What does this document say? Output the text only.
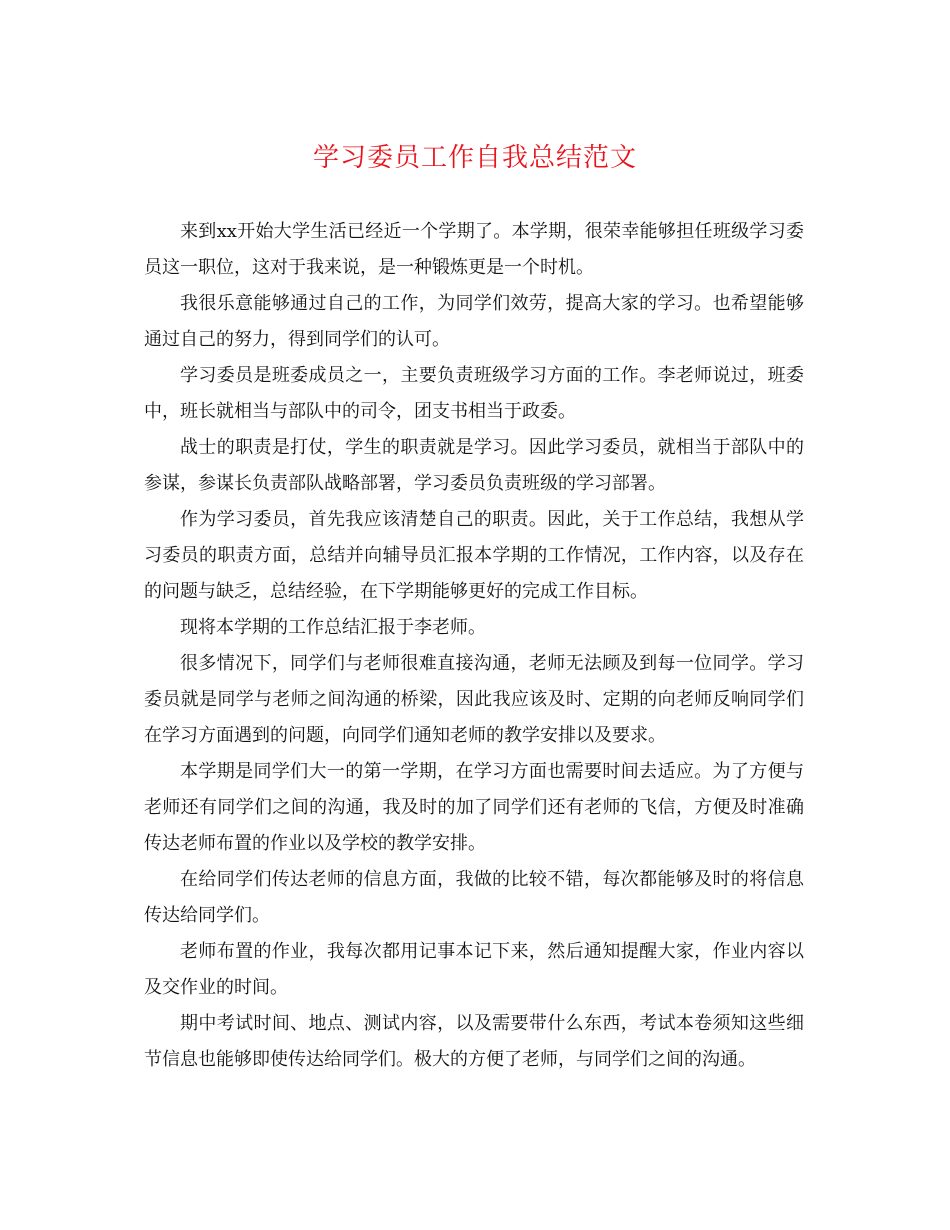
学习委员工作自我总结范文

来到xx开始大学生活已经近一个学期了。本学期，很荣幸能够担任班级学习委员这一职位，这对于我来说，是一种锻炼更是一个时机。

我很乐意能够通过自己的工作，为同学们效劳，提高大家的学习。也希望能够通过自己的努力，得到同学们的认可。

学习委员是班委成员之一，主要负责班级学习方面的工作。李老师说过，班委中，班长就相当与部队中的司令，团支书相当于政委。

战士的职责是打仗，学生的职责就是学习。因此学习委员，就相当于部队中的参谋，参谋长负责部队战略部署，学习委员负责班级的学习部署。

作为学习委员，首先我应该清楚自己的职责。因此，关于工作总结，我想从学习委员的职责方面，总结并向辅导员汇报本学期的工作情况，工作内容，以及存在的问题与缺乏，总结经验，在下学期能够更好的完成工作目标。

现将本学期的工作总结汇报于李老师。

很多情况下，同学们与老师很难直接沟通，老师无法顾及到每一位同学。学习委员就是同学与老师之间沟通的桥梁，因此我应该及时、定期的向老师反响同学们在学习方面遇到的问题，向同学们通知老师的教学安排以及要求。

本学期是同学们大一的第一学期，在学习方面也需要时间去适应。为了方便与老师还有同学们之间的沟通，我及时的加了同学们还有老师的飞信，方便及时准确传达老师布置的作业以及学校的教学安排。

在给同学们传达老师的信息方面，我做的比较不错，每次都能够及时的将信息传达给同学们。

老师布置的作业，我每次都用记事本记下来，然后通知提醒大家，作业内容以及交作业的时间。

期中考试时间、地点、测试内容，以及需要带什么东西，考试本卷须知这些细节信息也能够即使传达给同学们。极大的方便了老师，与同学们之间的沟通。
